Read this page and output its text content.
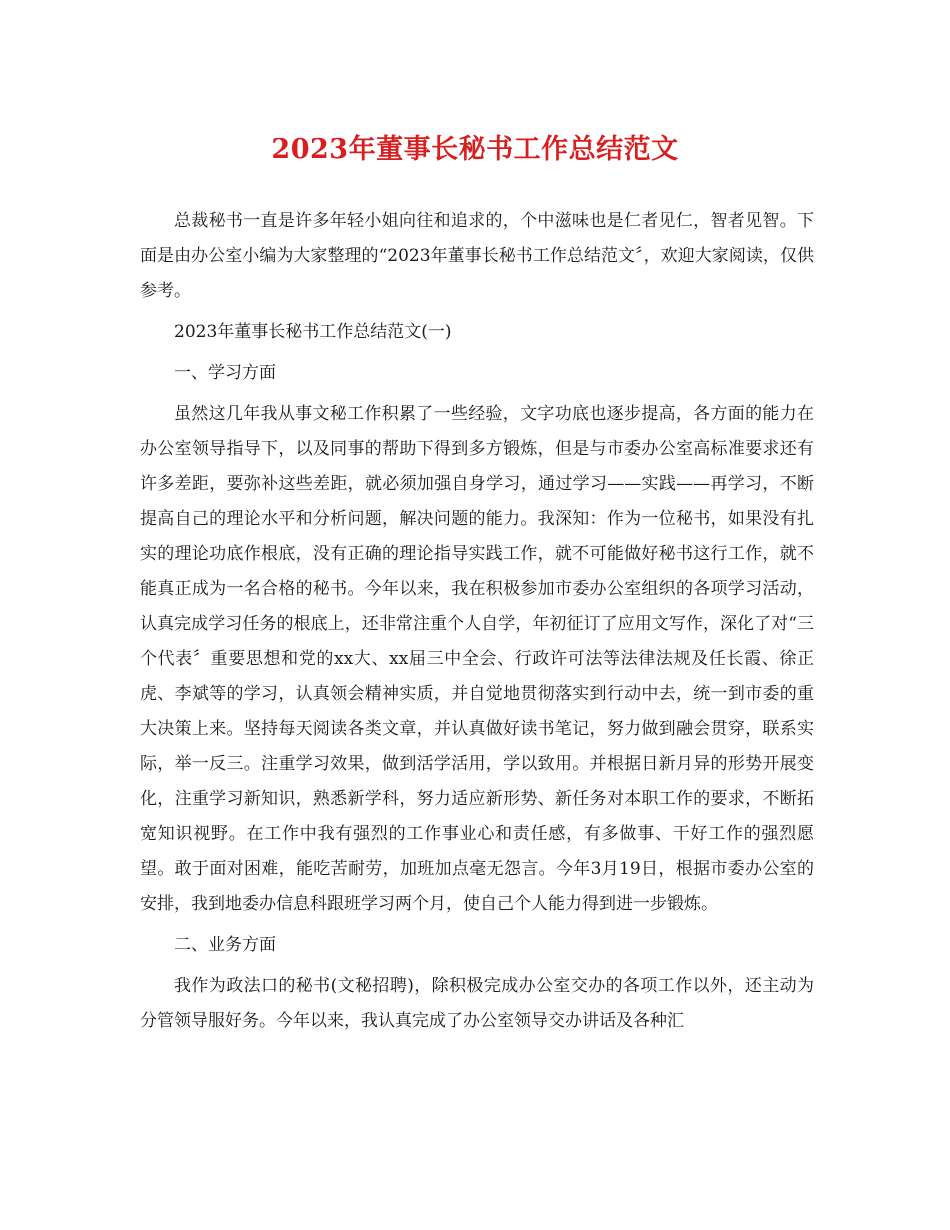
2023年董事长秘书工作总结范文

总裁秘书一直是许多年轻小姐向往和追求的，个中滋味也是仁者见仁，智者见智。下面是由办公室小编为大家整理的“2023年董事长秘书工作总结范文〞，欢迎大家阅读，仅供参考。

2023年董事长秘书工作总结范文(一)

一、学习方面

虽然这几年我从事文秘工作积累了一些经验，文字功底也逐步提高，各方面的能力在办公室领导指导下，以及同事的帮助下得到多方锻炼，但是与市委办公室高标准要求还有许多差距，要弥补这些差距，就必须加强自身学习，通过学习——实践——再学习，不断提高自己的理论水平和分析问题，解决问题的能力。我深知：作为一位秘书，如果没有扎实的理论功底作根底，没有正确的理论指导实践工作，就不可能做好秘书这行工作，就不能真正成为一名合格的秘书。今年以来，我在积极参加市委办公室组织的各项学习活动，认真完成学习任务的根底上，还非常注重个人自学，年初征订了应用文写作，深化了对“三个代表〞重要思想和党的xx大、xx届三中全会、行政许可法等法律法规及任长霞、徐正虎、李斌等的学习，认真领会精神实质，并自觉地贯彻落实到行动中去，统一到市委的重大决策上来。坚持每天阅读各类文章，并认真做好读书笔记，努力做到融会贯穿，联系实际，举一反三。注重学习效果，做到活学活用，学以致用。并根据日新月异的形势开展变化，注重学习新知识，熟悉新学科，努力适应新形势、新任务对本职工作的要求，不断拓宽知识视野。在工作中我有强烈的工作事业心和责任感，有多做事、干好工作的强烈愿望。敢于面对困难，能吃苦耐劳，加班加点毫无怨言。今年3月19日，根据市委办公室的安排，我到地委办信息科跟班学习两个月，使自己个人能力得到进一步锻炼。

二、业务方面

我作为政法口的秘书(文秘招聘)，除积极完成办公室交办的各项工作以外，还主动为分管领导服好务。今年以来，我认真完成了办公室领导交办讲话及各种汇
